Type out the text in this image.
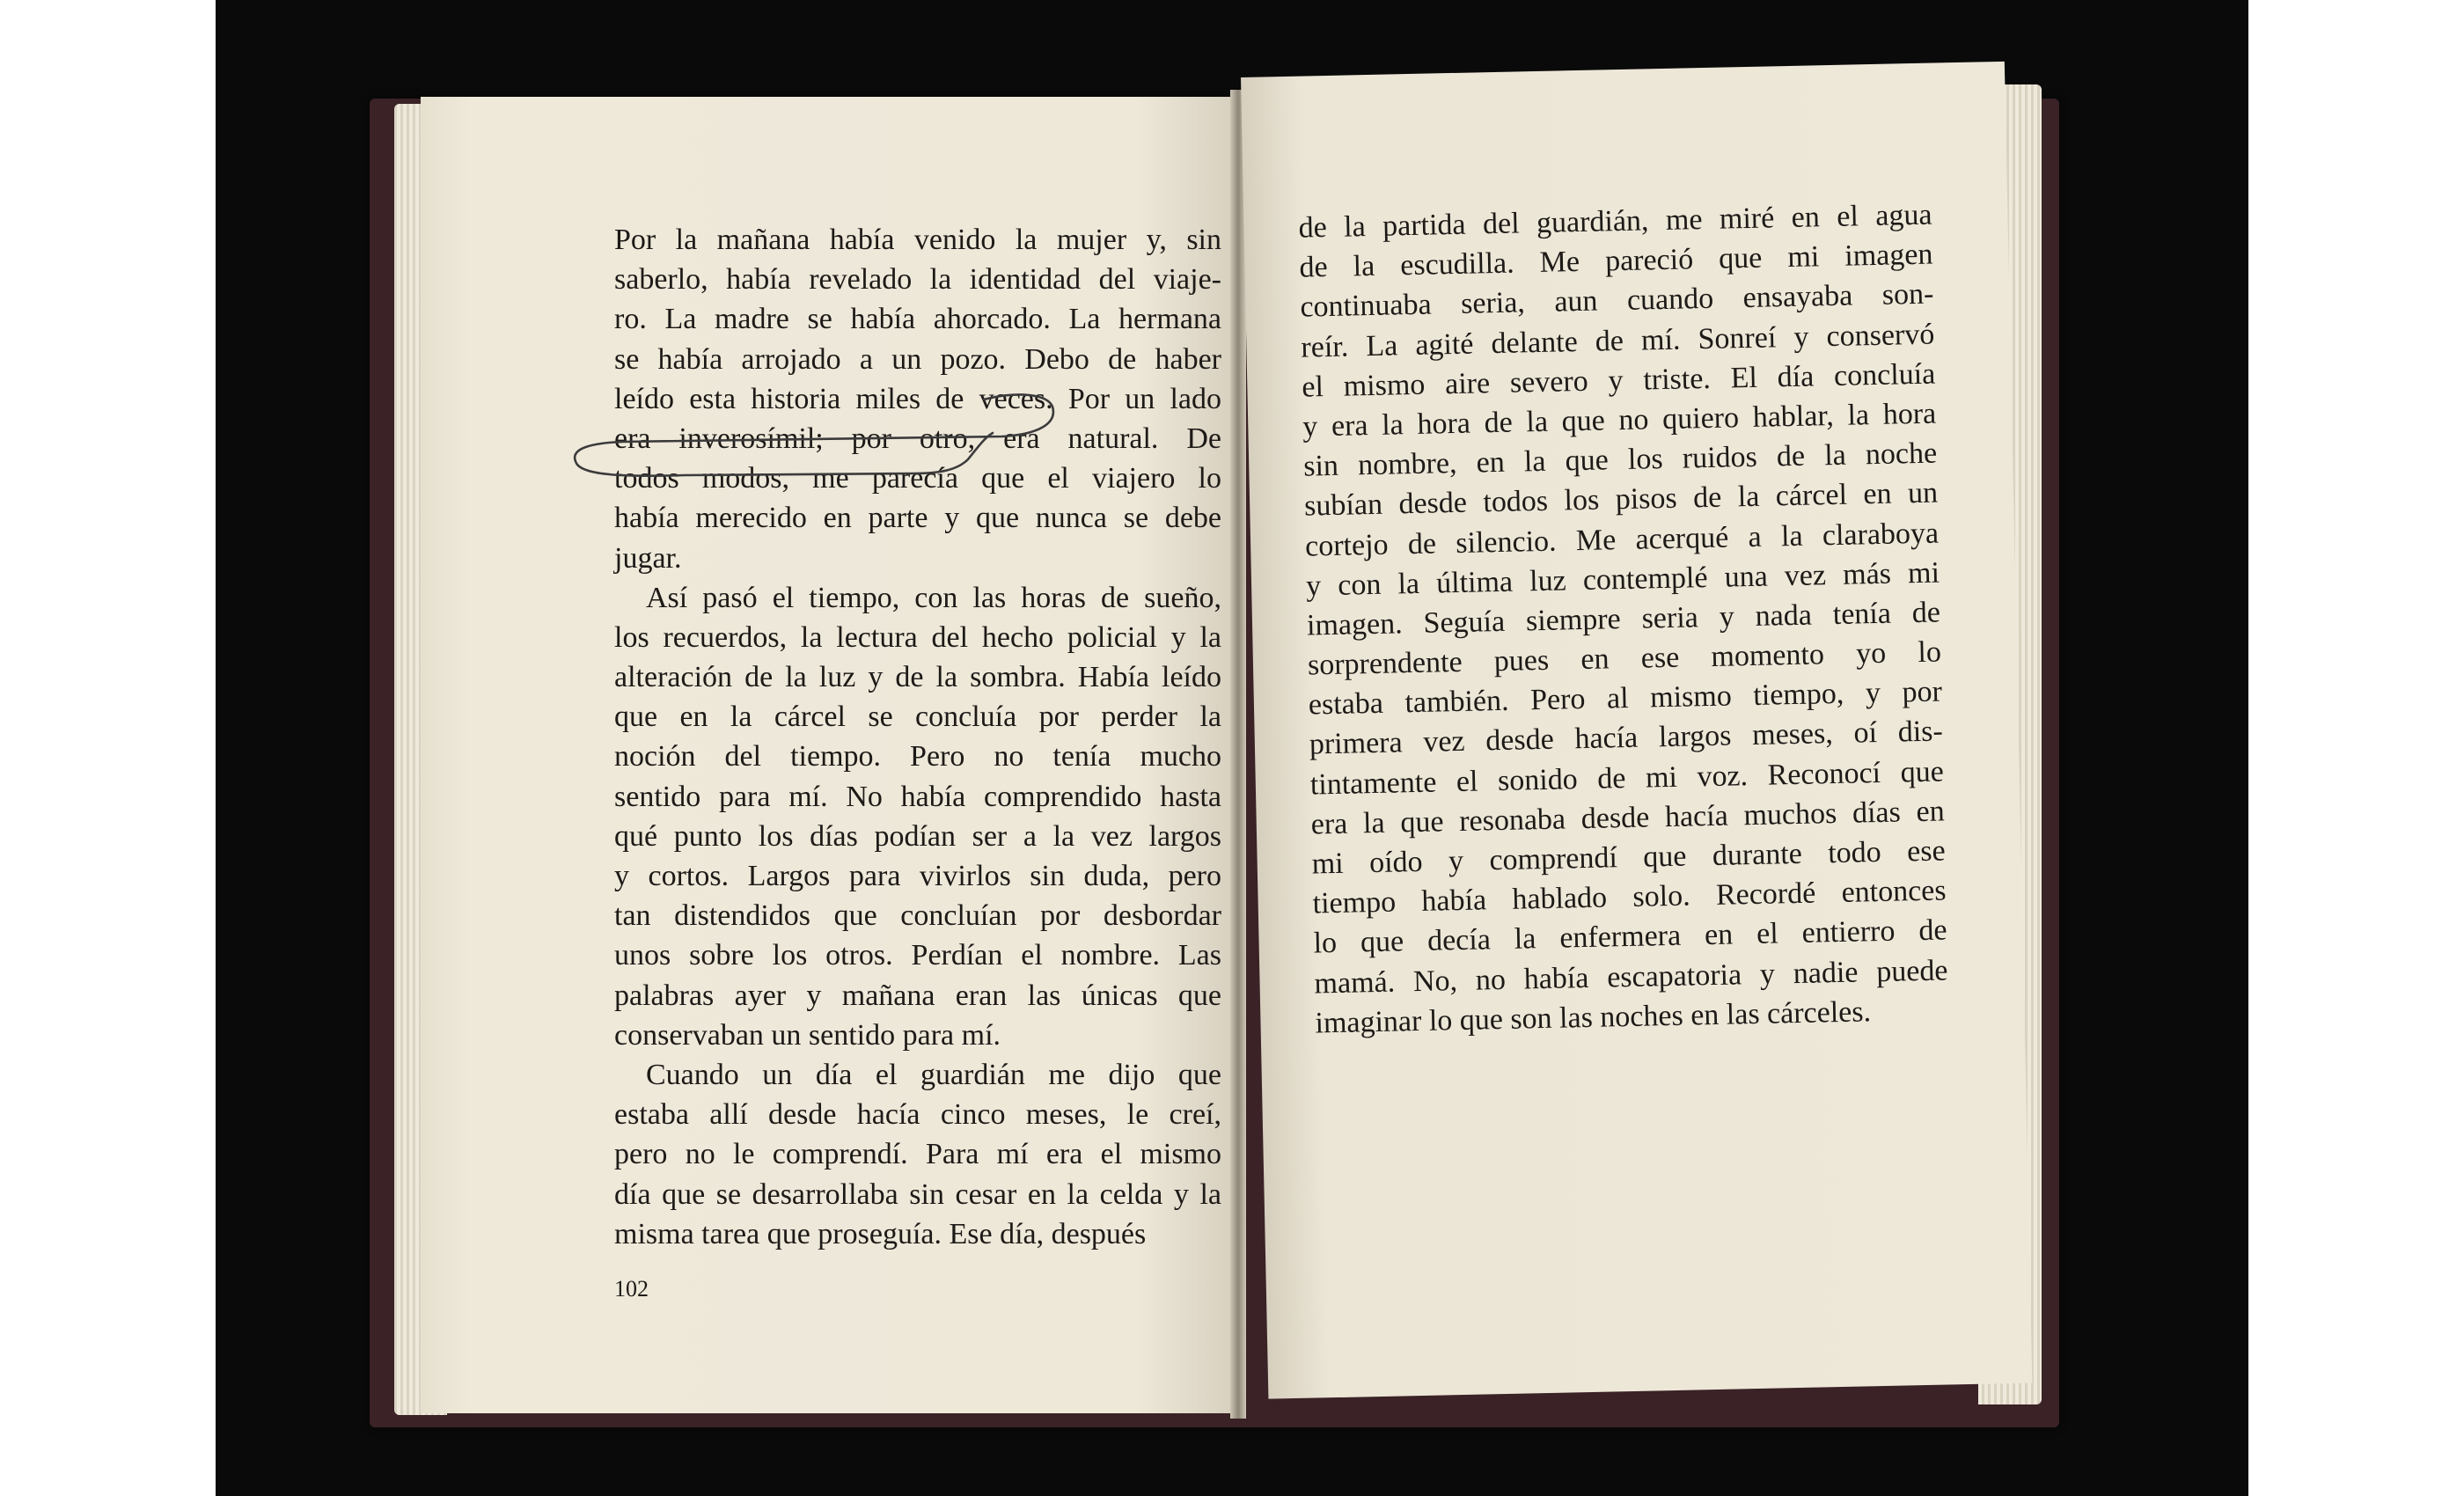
Por la mañana había venido la mujer y, sin
saberlo, había revelado la identidad del viaje-
ro. La madre se había ahorcado. La hermana
se había arrojado a un pozo. Debo de haber
leído esta historia miles de veces. Por un lado
era inverosímil; por otro, era natural. De
todos modos, me parecía que el viajero lo
había merecido en parte y que nunca se debe
jugar.
Así pasó el tiempo, con las horas de sueño,
los recuerdos, la lectura del hecho policial y la
alteración de la luz y de la sombra. Había leído
que en la cárcel se concluía por perder la
noción del tiempo. Pero no tenía mucho
sentido para mí. No había comprendido hasta
qué punto los días podían ser a la vez largos
y cortos. Largos para vivirlos sin duda, pero
tan distendidos que concluían por desbordar
unos sobre los otros. Perdían el nombre. Las
palabras ayer y mañana eran las únicas que
conservaban un sentido para mí.
Cuando un día el guardián me dijo que
estaba allí desde hacía cinco meses, le creí,
pero no le comprendí. Para mí era el mismo
día que se desarrollaba sin cesar en la celda y la
misma tarea que proseguía. Ese día, después
102
de la partida del guardián, me miré en el agua
de la escudilla. Me pareció que mi imagen
continuaba seria, aun cuando ensayaba son-
reír. La agité delante de mí. Sonreí y conservó
el mismo aire severo y triste. El día concluía
y era la hora de la que no quiero hablar, la hora
sin nombre, en la que los ruidos de la noche
subían desde todos los pisos de la cárcel en un
cortejo de silencio. Me acerqué a la claraboya
y con la última luz contemplé una vez más mi
imagen. Seguía siempre seria y nada tenía de
sorprendente pues en ese momento yo lo
estaba también. Pero al mismo tiempo, y por
primera vez desde hacía largos meses, oí dis-
tintamente el sonido de mi voz. Reconocí que
era la que resonaba desde hacía muchos días en
mi oído y comprendí que durante todo ese
tiempo había hablado solo. Recordé entonces
lo que decía la enfermera en el entierro de
mamá. No, no había escapatoria y nadie puede
imaginar lo que son las noches en las cárceles.
